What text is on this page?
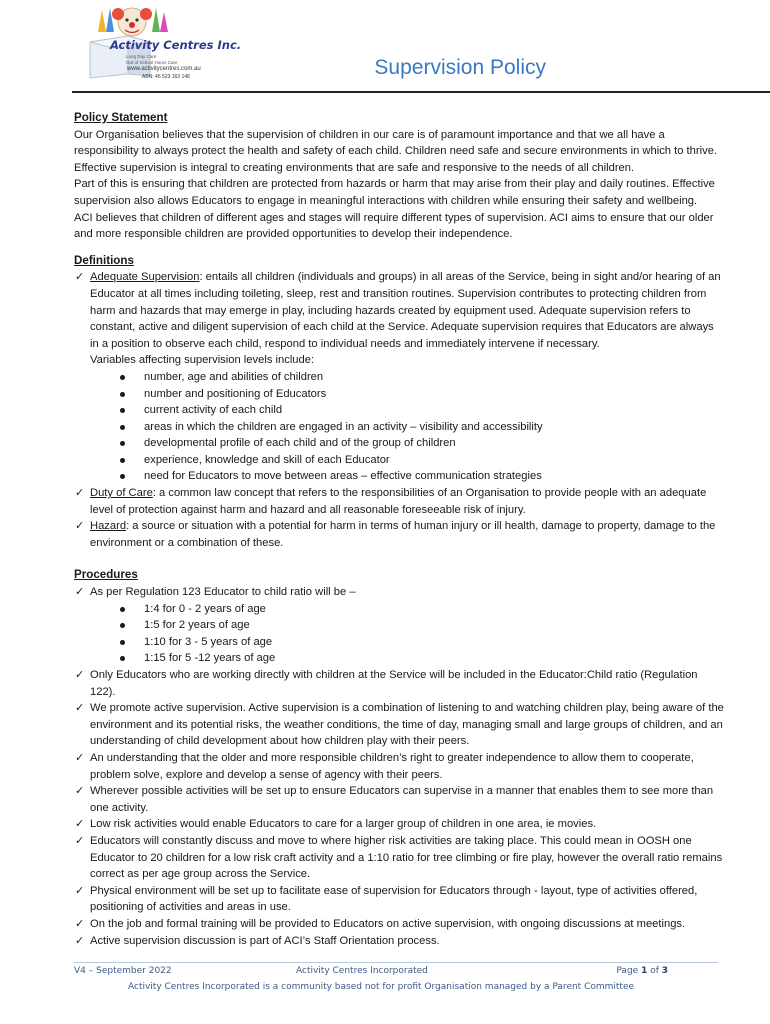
Activity Centres Inc.
Long Day Care
Out of School Hours Care
www.activitycentres.com.au
ABN: 46 523 163 148	Supervision Policy
Policy Statement

Our Organisation believes that the supervision of children in our care is of paramount importance and that we all have a responsibility to always protect the health and safety of each child. Children need safe and secure environments in which to thrive. Effective supervision is integral to creating environments that are safe and responsive to the needs of all children.

Part of this is ensuring that children are protected from hazards or harm that may arise from their play and daily routines. Effective supervision also allows Educators to engage in meaningful interactions with children while ensuring their safety and wellbeing.

ACI believes that children of different ages and stages will require different types of supervision. ACI aims to ensure that our older and more responsible children are provided opportunities to develop their independence.

Definitions
✓ Adequate Supervision: entails all children (individuals and groups) in all areas of the Service, being in sight and/or hearing of an Educator at all times including toileting, sleep, rest and transition routines. Supervision contributes to protecting children from harm and hazards that may emerge in play, including hazards created by equipment used. Adequate supervision refers to constant, active and diligent supervision of each child at the Service. Adequate supervision requires that Educators are always in a position to observe each child, respond to individual needs and immediately intervene if necessary.
Variables affecting supervision levels include:
number, age and abilities of children
number and positioning of Educators
current activity of each child
areas in which the children are engaged in an activity – visibility and accessibility
developmental profile of each child and of the group of children
experience, knowledge and skill of each Educator
need for Educators to move between areas – effective communication strategies
✓ Duty of Care: a common law concept that refers to the responsibilities of an Organisation to provide people with an adequate level of protection against harm and hazard and all reasonable foreseeable risk of injury.
✓ Hazard: a source or situation with a potential for harm in terms of human injury or ill health, damage to property, damage to the environment or a combination of these.
Procedures
✓ As per Regulation 123 Educator to child ratio will be –
1:4 for 0 - 2 years of age
1:5 for 2 years of age
1:10 for 3 - 5 years of age
1:15 for 5 -12 years of age
✓ Only Educators who are working directly with children at the Service will be included in the Educator:Child ratio (Regulation 122).
✓ We promote active supervision. Active supervision is a combination of listening to and watching children play, being aware of the environment and its potential risks, the weather conditions, the time of day, managing small and large groups of children, and an understanding of child development about how children play with their peers.
✓ An understanding that the older and more responsible children’s right to greater independence to allow them to cooperate, problem solve, explore and develop a sense of agency with their peers.
✓ Wherever possible activities will be set up to ensure Educators can supervise in a manner that enables them to see more than one activity.
✓ Low risk activities would enable Educators to care for a larger group of children in one area, ie movies.
✓ Educators will constantly discuss and move to where higher risk activities are taking place. This could mean in OOSH one Educator to 20 children for a low risk craft activity and a 1:10 ratio for tree climbing or fire play, however the overall ratio remains correct as per age group across the Service.
✓ Physical environment will be set up to facilitate ease of supervision for Educators through - layout, type of activities offered, positioning of activities and areas in use.
✓ On the job and formal training will be provided to Educators on active supervision, with ongoing discussions at meetings.
✓ Active supervision discussion is part of ACI’s Staff Orientation process.
V4 – September 2022	Activity Centres Incorporated	Page 1 of 3
Activity Centres Incorporated is a community based not for profit Organisation managed by a Parent Committee
